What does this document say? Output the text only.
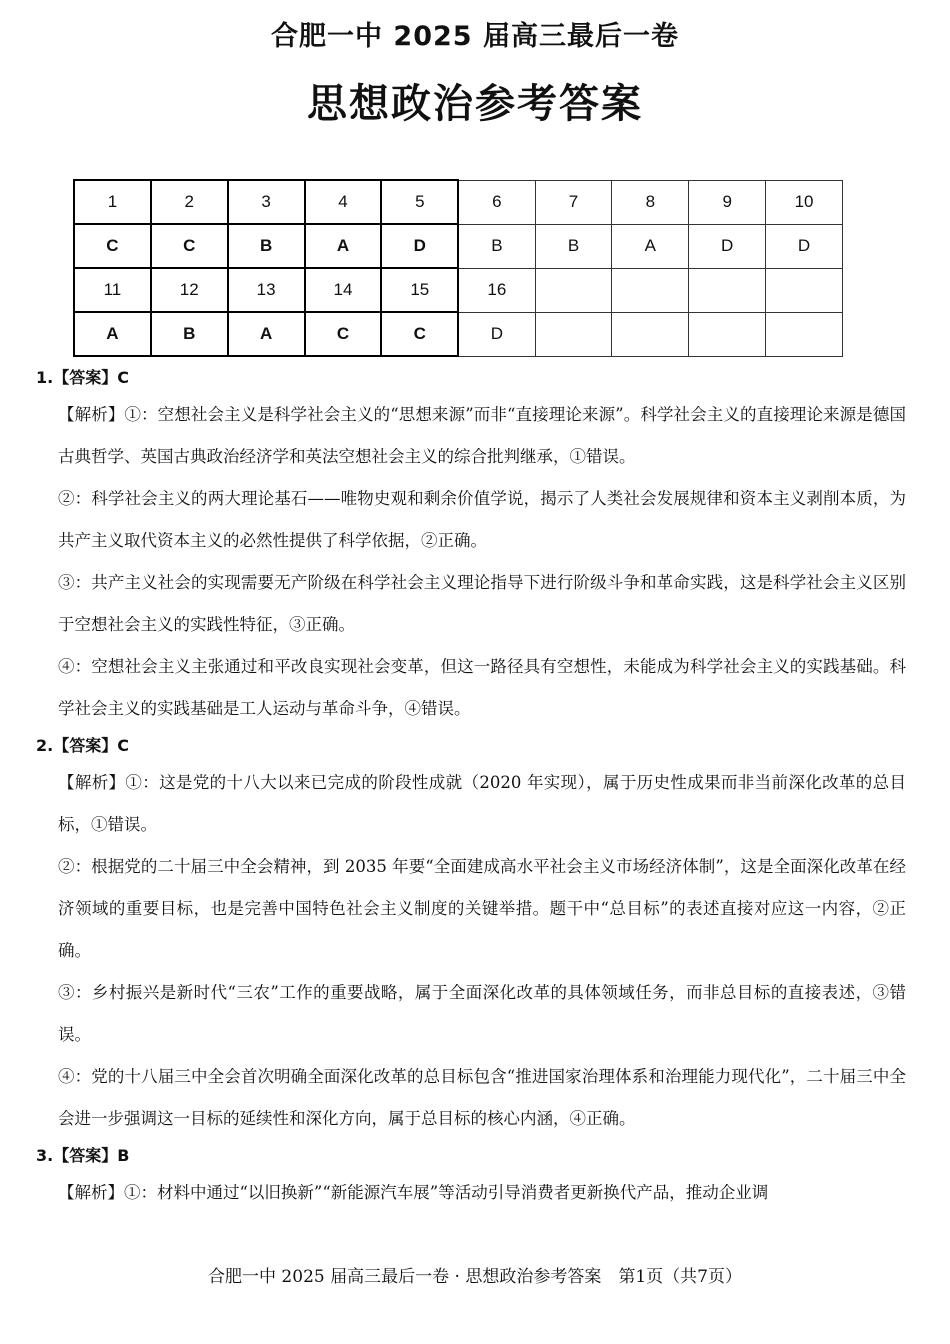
合肥一中 2025 届高三最后一卷
思想政治参考答案
1	2	3	4	5	6	7	8	9	10
C	C	B	A	D	B	B	A	D	D
11	12	13	14	15	16				
A	B	A	C	C	D				
1.【答案】C
【解析】①：空想社会主义是科学社会主义的“思想来源”而非“直接理论来源”。科学社会主义的直接理论来源是德国古典哲学、英国古典政治经济学和英法空想社会主义的综合批判继承，①错误。
②：科学社会主义的两大理论基石——唯物史观和剩余价值学说，揭示了人类社会发展规律和资本主义剥削本质，为共产主义取代资本主义的必然性提供了科学依据，②正确。
③：共产主义社会的实现需要无产阶级在科学社会主义理论指导下进行阶级斗争和革命实践，这是科学社会主义区别于空想社会主义的实践性特征，③正确。
④：空想社会主义主张通过和平改良实现社会变革，但这一路径具有空想性，未能成为科学社会主义的实践基础。科学社会主义的实践基础是工人运动与革命斗争，④错误。
2.【答案】C
【解析】①：这是党的十八大以来已完成的阶段性成就（2020 年实现），属于历史性成果而非当前深化改革的总目标，①错误。
②：根据党的二十届三中全会精神，到 2035 年要“全面建成高水平社会主义市场经济体制”，这是全面深化改革在经济领域的重要目标，也是完善中国特色社会主义制度的关键举措。题干中“总目标”的表述直接对应这一内容，②正确。
③：乡村振兴是新时代“三农”工作的重要战略，属于全面深化改革的具体领域任务，而非总目标的直接表述，③错误。
④：党的十八届三中全会首次明确全面深化改革的总目标包含“推进国家治理体系和治理能力现代化”，二十届三中全会进一步强调这一目标的延续性和深化方向，属于总目标的核心内涵，④正确。
3.【答案】B
【解析】①：材料中通过“以旧换新”“新能源汽车展”等活动引导消费者更新换代产品，推动企业调
合肥一中 2025 届高三最后一卷 · 思想政治参考答案　第1页（共7页）
